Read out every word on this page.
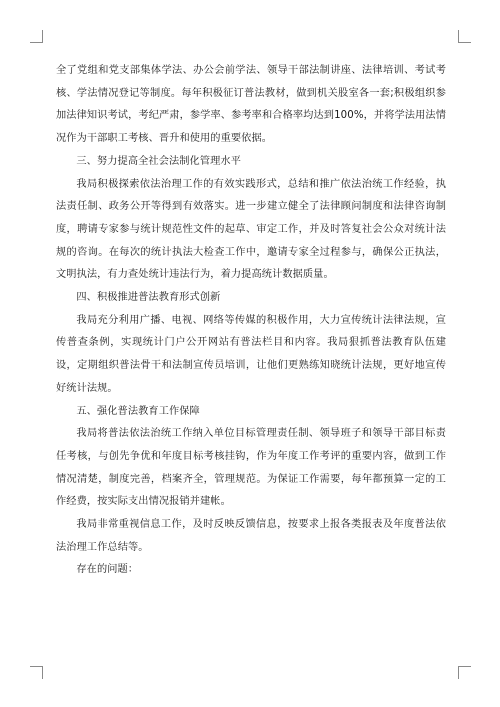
全了党组和党支部集体学法、办公会前学法、领导干部法制讲座、法律培训、考试考核、学法情况登记等制度。每年积极征订普法教材，做到机关股室各一套;积极组织参加法律知识考试，考纪严肃，参学率、参考率和合格率均达到100%，并将学法用法情况作为干部职工考核、晋升和使用的重要依据。

三、努力提高全社会法制化管理水平

我局积极探索依法治理工作的有效实践形式，总结和推广依法治统工作经验，执法责任制、政务公开等得到有效落实。进一步建立健全了法律顾问制度和法律咨询制度，聘请专家参与统计规范性文件的起草、审定工作，并及时答复社会公众对统计法规的咨询。在每次的统计执法大检查工作中，邀请专家全过程参与，确保公正执法，文明执法，有力查处统计违法行为，着力提高统计数据质量。

四、积极推进普法教育形式创新

我局充分利用广播、电视、网络等传媒的积极作用，大力宣传统计法律法规，宣传普查条例，实现统计门户公开网站有普法栏目和内容。我局狠抓普法教育队伍建设，定期组织普法骨干和法制宣传员培训，让他们更熟练知晓统计法规，更好地宣传好统计法规。

五、强化普法教育工作保障

我局将普法依法治统工作纳入单位目标管理责任制、领导班子和领导干部目标责任考核，与创先争优和年度目标考核挂钩，作为年度工作考评的重要内容，做到工作情况清楚，制度完善，档案齐全，管理规范。为保证工作需要，每年都预算一定的工作经费，按实际支出情况报销并建帐。

我局非常重视信息工作，及时反映反馈信息，按要求上报各类报表及年度普法依法治理工作总结等。

存在的问题：
